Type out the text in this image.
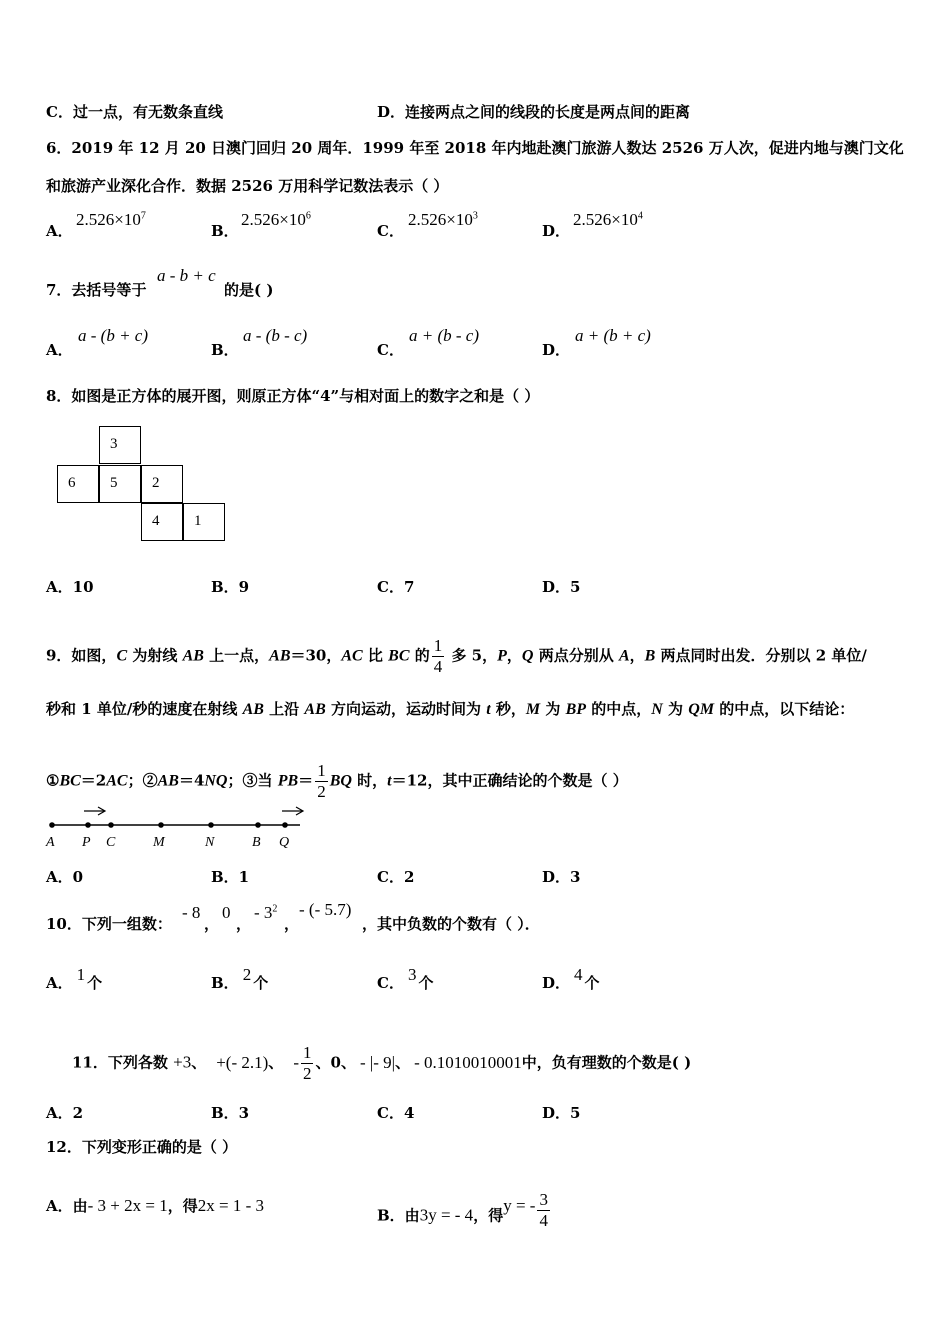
C．过一点，有无数条直线	D．连接两点之间的线段的长度是两点间的距离
6．2019 年 12 月 20 日澳门回归 20 周年．1999 年至 2018 年内地赴澳门旅游人数达 2526 万人次，促进内地与澳门文化
和旅游产业深化合作．数据 2526 万用科学记数法表示（ ）
A．
$2.526\times 10^7$
B．
$2.526\times 10^6$
C．
$2.526\times 10^3$
D．
$2.526\times 10^4$
7．去括号等于
a - b + c
的是( )
A．
a - (b + c)
B．
a - (b - c)
C．
a + (b - c)
D．
a + (b + c)
8．如图是正方体的展开图，则原正方体“4”与相对面上的数字之和是（ ）
3
6 5 2
4 1
A．10	B．9	C．7	D．5
9．如图，C 为射线 AB 上一点，AB＝30，AC 比 BC 的 $\frac{1}{4}$ 多 5，P，Q 两点分别从 A，B 两点同时出发．分别以 2 单位/
秒和 1 单位/秒的速度在射线 AB 上沿 AB 方向运动，运动时间为 t 秒，M 为 BP 的中点，N 为 QM 的中点，以下结论：
①BC＝2AC；②AB＝4NQ；③当 $PB= \frac{1}{2}$ BQ 时，t＝12，其中正确结论的个数是（ ）
A P C	M	N	B Q
A．0	B．1	C．2	D．3
10．下列一组数：
- 8
，
0
，
- $3^2$
，
- (- 5.7)
，其中负数的个数有（ ）．
A． 1 个	B． 2 个	C． 3 个	D． 4 个
11．下列各数 +3、 +(- 2.1)、 - $\frac{1}{2}$ 、0、 - |- 9|、 - 0.1010010001中，负有理数的个数是( )
A．2	B．3	C．4	D．5
12．下列变形正确的是（ ）
A．由- 3 + 2x = 1，得2x = 1 - 3
B．由3y = - 4，得y = - $\frac{3}{4}$
